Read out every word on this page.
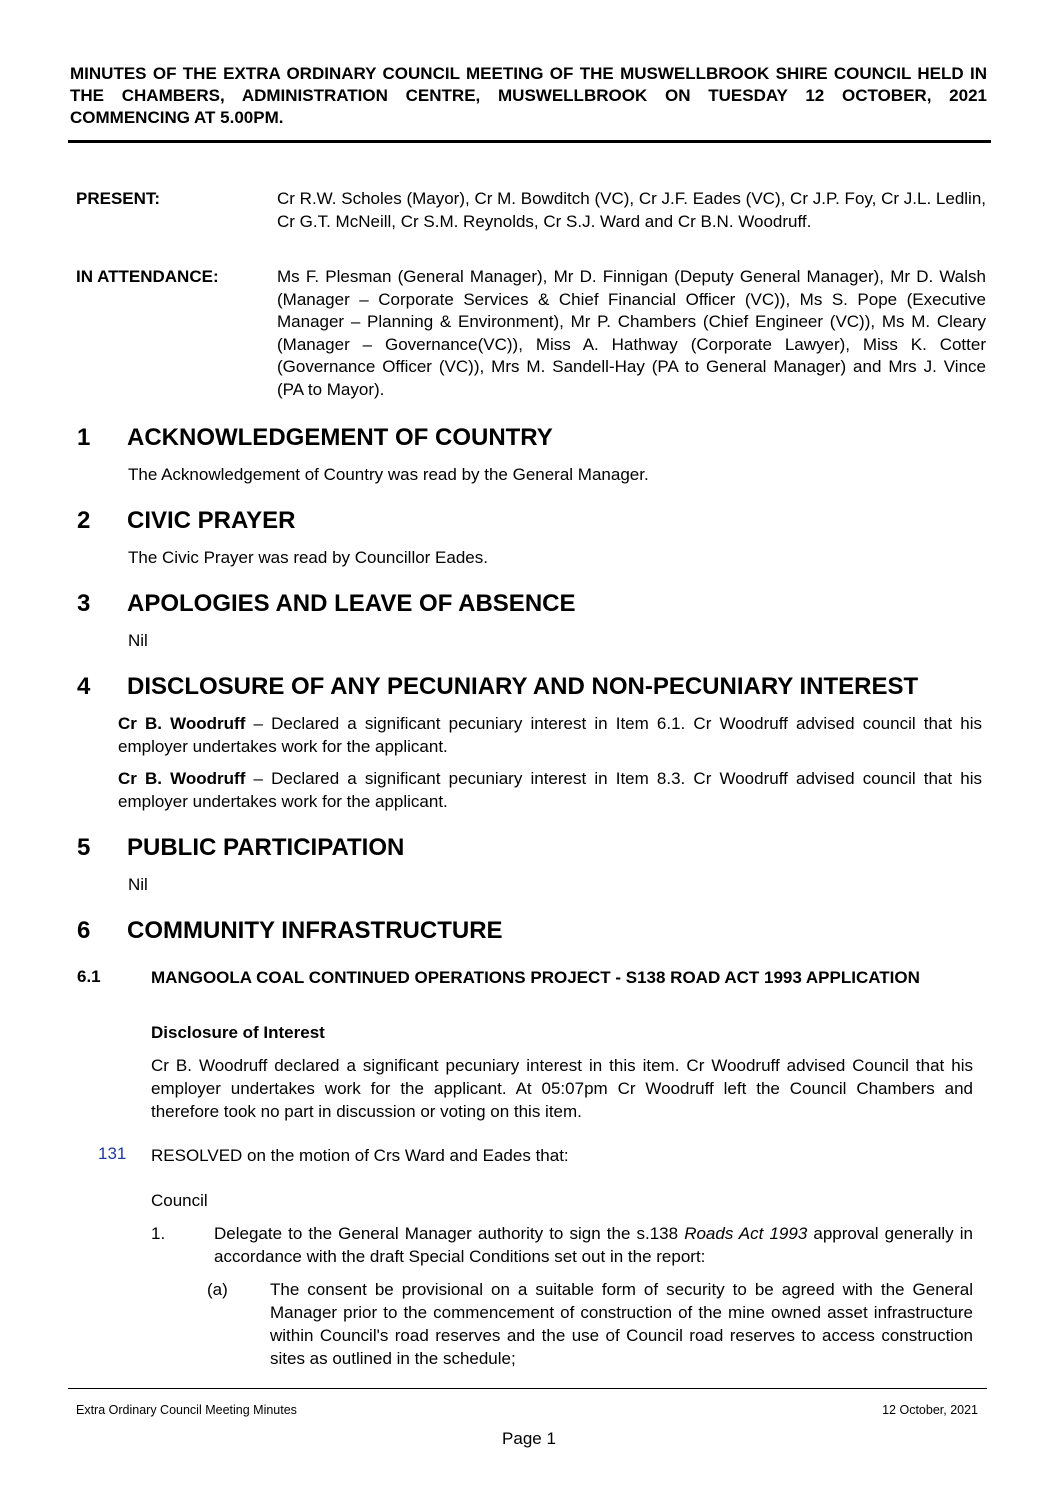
MINUTES OF THE EXTRA ORDINARY COUNCIL MEETING OF THE MUSWELLBROOK SHIRE COUNCIL HELD IN THE CHAMBERS, ADMINISTRATION CENTRE, MUSWELLBROOK ON TUESDAY 12 OCTOBER, 2021 COMMENCING AT 5.00PM.
PRESENT:	Cr R.W. Scholes (Mayor), Cr M. Bowditch (VC), Cr J.F. Eades (VC), Cr J.P. Foy, Cr J.L. Ledlin, Cr G.T. McNeill, Cr S.M. Reynolds, Cr S.J. Ward and Cr B.N. Woodruff.
IN ATTENDANCE:	Ms F. Plesman (General Manager), Mr D. Finnigan (Deputy General Manager), Mr D. Walsh (Manager – Corporate Services & Chief Financial Officer (VC)), Ms S. Pope (Executive Manager – Planning & Environment), Mr P. Chambers (Chief Engineer (VC)), Ms M. Cleary (Manager – Governance(VC)), Miss A. Hathway (Corporate Lawyer), Miss K. Cotter (Governance Officer (VC)), Mrs M. Sandell-Hay (PA to General Manager) and Mrs J. Vince (PA to Mayor).
1 ACKNOWLEDGEMENT OF COUNTRY
The Acknowledgement of Country was read by the General Manager.
2 CIVIC PRAYER
The Civic Prayer was read by Councillor Eades.
3 APOLOGIES AND LEAVE OF ABSENCE
Nil
4 DISCLOSURE OF ANY PECUNIARY AND NON-PECUNIARY INTEREST
Cr B. Woodruff – Declared a significant pecuniary interest in Item 6.1. Cr Woodruff advised council that his employer undertakes work for the applicant.
Cr B. Woodruff – Declared a significant pecuniary interest in Item 8.3. Cr Woodruff advised council that his employer undertakes work for the applicant.
5 PUBLIC PARTICIPATION
Nil
6 COMMUNITY INFRASTRUCTURE
6.1	MANGOOLA COAL CONTINUED OPERATIONS PROJECT - S138 ROAD ACT 1993 APPLICATION
Disclosure of Interest
Cr B. Woodruff declared a significant pecuniary interest in this item. Cr Woodruff advised Council that his employer undertakes work for the applicant. At 05:07pm Cr Woodruff left the Council Chambers and therefore took no part in discussion or voting on this item.
131 RESOLVED on the motion of Crs Ward and Eades that:
Council
1.	Delegate to the General Manager authority to sign the s.138 Roads Act 1993 approval generally in accordance with the draft Special Conditions set out in the report:
(a) The consent be provisional on a suitable form of security to be agreed with the General Manager prior to the commencement of construction of the mine owned asset infrastructure within Council's road reserves and the use of Council road reserves to access construction sites as outlined in the schedule;
Extra Ordinary Council Meeting Minutes	12 October, 2021
Page 1
